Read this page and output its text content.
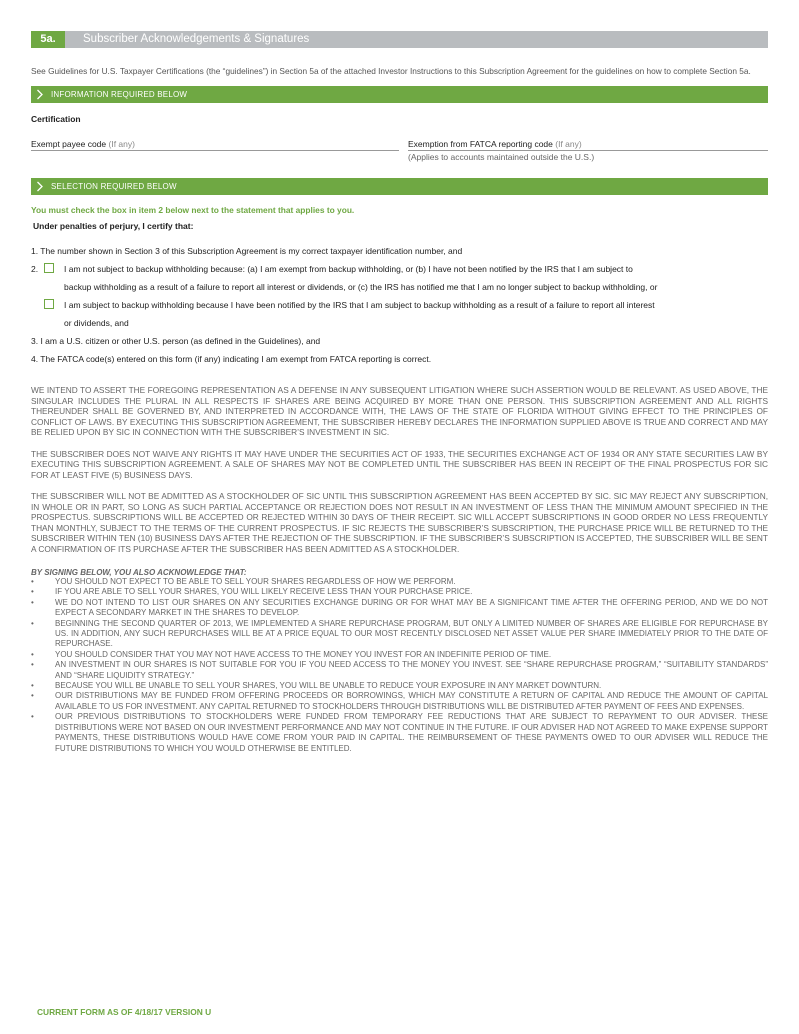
5a.	Subscriber Acknowledgements & Signatures
See Guidelines for U.S. Taxpayer Certifications (the “guidelines”) in Section 5a of the attached Investor Instructions to this Subscription Agreement for the guidelines on how to complete Section 5a.
INFORMATION REQUIRED BELOW
Certification
Exempt payee code (If any)	Exemption from FATCA reporting code (If any)
(Applies to accounts maintained outside the U.S.)
SELECTION REQUIRED BELOW
You must check the box in item 2 below next to the statement that applies to you.
Under penalties of perjury, I certify that:
1. The number shown in Section 3 of this Subscription Agreement is my correct taxpayer identification number, and
2.	I am not subject to backup withholding because: (a) I am exempt from backup withholding, or (b) I have not been notified by the IRS that I am subject to
backup withholding as a result of a failure to report all interest or dividends, or (c) the IRS has notified me that I am no longer subject to backup withholding, or
I am subject to backup withholding because I have been notified by the IRS that I am subject to backup withholding as a result of a failure to report all interest
or dividends, and
3. I am a U.S. citizen or other U.S. person (as defined in the Guidelines), and
4. The FATCA code(s) entered on this form (if any) indicating I am exempt from FATCA reporting is correct.
WE INTEND TO ASSERT THE FOREGOING REPRESENTATION AS A DEFENSE IN ANY SUBSEQUENT LITIGATION WHERE SUCH ASSERTION WOULD BE RELEVANT. AS USED ABOVE, THE SINGULAR INCLUDES THE PLURAL IN ALL RESPECTS IF SHARES ARE BEING ACQUIRED BY MORE THAN ONE PERSON. THIS SUBSCRIPTION AGREEMENT AND ALL RIGHTS THEREUNDER SHALL BE GOVERNED BY, AND INTERPRETED IN ACCORDANCE WITH, THE LAWS OF THE STATE OF FLORIDA WITHOUT GIVING EFFECT TO THE PRINCIPLES OF CONFLICT OF LAWS. BY EXECUTING THIS SUBSCRIPTION AGREEMENT, THE SUBSCRIBER HEREBY DECLARES THE INFORMATION SUPPLIED ABOVE IS TRUE AND CORRECT AND MAY BE RELIED UPON BY SIC IN CONNECTION WITH THE SUBSCRIBER’S INVESTMENT IN SIC.
THE SUBSCRIBER DOES NOT WAIVE ANY RIGHTS IT MAY HAVE UNDER THE SECURITIES ACT OF 1933, THE SECURITIES EXCHANGE ACT OF 1934 OR ANY STATE SECURITIES LAW BY EXECUTING THIS SUBSCRIPTION AGREEMENT. A SALE OF SHARES MAY NOT BE COMPLETED UNTIL THE SUBSCRIBER HAS BEEN IN RECEIPT OF THE FINAL PROSPECTUS FOR SIC FOR AT LEAST FIVE (5) BUSINESS DAYS.
THE SUBSCRIBER WILL NOT BE ADMITTED AS A STOCKHOLDER OF SIC UNTIL THIS SUBSCRIPTION AGREEMENT HAS BEEN ACCEPTED BY SIC. SIC MAY REJECT ANY SUBSCRIPTION, IN WHOLE OR IN PART, SO LONG AS SUCH PARTIAL ACCEPTANCE OR REJECTION DOES NOT RESULT IN AN INVESTMENT OF LESS THAN THE MINIMUM AMOUNT SPECIFIED IN THE PROSPECTUS. SUBSCRIPTIONS WILL BE ACCEPTED OR REJECTED WITHIN 30 DAYS OF THEIR RECEIPT. SIC WILL ACCEPT SUBSCRIPTIONS IN GOOD ORDER NO LESS FREQUENTLY THAN MONTHLY, SUBJECT TO THE TERMS OF THE CURRENT PROSPECTUS. IF SIC REJECTS THE SUBSCRIBER’S SUBSCRIPTION, THE PURCHASE PRICE WILL BE RETURNED TO THE SUBSCRIBER WITHIN TEN (10) BUSINESS DAYS AFTER THE REJECTION OF THE SUBSCRIPTION. IF THE SUBSCRIBER’S SUBSCRIPTION IS ACCEPTED, THE SUBSCRIBER WILL BE SENT A CONFIRMATION OF ITS PURCHASE AFTER THE SUBSCRIBER HAS BEEN ADMITTED AS A STOCKHOLDER.
BY SIGNING BELOW, YOU ALSO ACKNOWLEDGE THAT:
•	YOU SHOULD NOT EXPECT TO BE ABLE TO SELL YOUR SHARES REGARDLESS OF HOW WE PERFORM.
•	IF YOU ARE ABLE TO SELL YOUR SHARES, YOU WILL LIKELY RECEIVE LESS THAN YOUR PURCHASE PRICE.
•	WE DO NOT INTEND TO LIST OUR SHARES ON ANY SECURITIES EXCHANGE DURING OR FOR WHAT MAY BE A SIGNIFICANT TIME AFTER THE OFFERING PERIOD, AND WE DO NOT EXPECT A SECONDARY MARKET IN THE SHARES TO DEVELOP.
•	BEGINNING THE SECOND QUARTER OF 2013, WE IMPLEMENTED A SHARE REPURCHASE PROGRAM, BUT ONLY A LIMITED NUMBER OF SHARES ARE ELIGIBLE FOR REPURCHASE BY US. IN ADDITION, ANY SUCH REPURCHASES WILL BE AT A PRICE EQUAL TO OUR MOST RECENTLY DISCLOSED NET ASSET VALUE PER SHARE IMMEDIATELY PRIOR TO THE DATE OF REPURCHASE.
•	YOU SHOULD CONSIDER THAT YOU MAY NOT HAVE ACCESS TO THE MONEY YOU INVEST FOR AN INDEFINITE PERIOD OF TIME.
•	AN INVESTMENT IN OUR SHARES IS NOT SUITABLE FOR YOU IF YOU NEED ACCESS TO THE MONEY YOU INVEST. SEE “SHARE REPURCHASE PROGRAM,” “SUITABILITY STANDARDS” AND “SHARE LIQUIDITY STRATEGY.”
•	BECAUSE YOU WILL BE UNABLE TO SELL YOUR SHARES, YOU WILL BE UNABLE TO REDUCE YOUR EXPOSURE IN ANY MARKET DOWNTURN.
•	OUR DISTRIBUTIONS MAY BE FUNDED FROM OFFERING PROCEEDS OR BORROWINGS, WHICH MAY CONSTITUTE A RETURN OF CAPITAL AND REDUCE THE AMOUNT OF CAPITAL AVAILABLE TO US FOR INVESTMENT. ANY CAPITAL RETURNED TO STOCKHOLDERS THROUGH DISTRIBUTIONS WILL BE DISTRIBUTED AFTER PAYMENT OF FEES AND EXPENSES.
•	OUR PREVIOUS DISTRIBUTIONS TO STOCKHOLDERS WERE FUNDED FROM TEMPORARY FEE REDUCTIONS THAT ARE SUBJECT TO REPAYMENT TO OUR ADVISER. THESE DISTRIBUTIONS WERE NOT BASED ON OUR INVESTMENT PERFORMANCE AND MAY NOT CONTINUE IN THE FUTURE. IF OUR ADVISER HAD NOT AGREED TO MAKE EXPENSE SUPPORT PAYMENTS, THESE DISTRIBUTIONS WOULD HAVE COME FROM YOUR PAID IN CAPITAL. THE REIMBURSEMENT OF THESE PAYMENTS OWED TO OUR ADVISER WILL REDUCE THE FUTURE DISTRIBUTIONS TO WHICH YOU WOULD OTHERWISE BE ENTITLED.
CURRENT FORM AS OF 4/18/17 VERSION U
